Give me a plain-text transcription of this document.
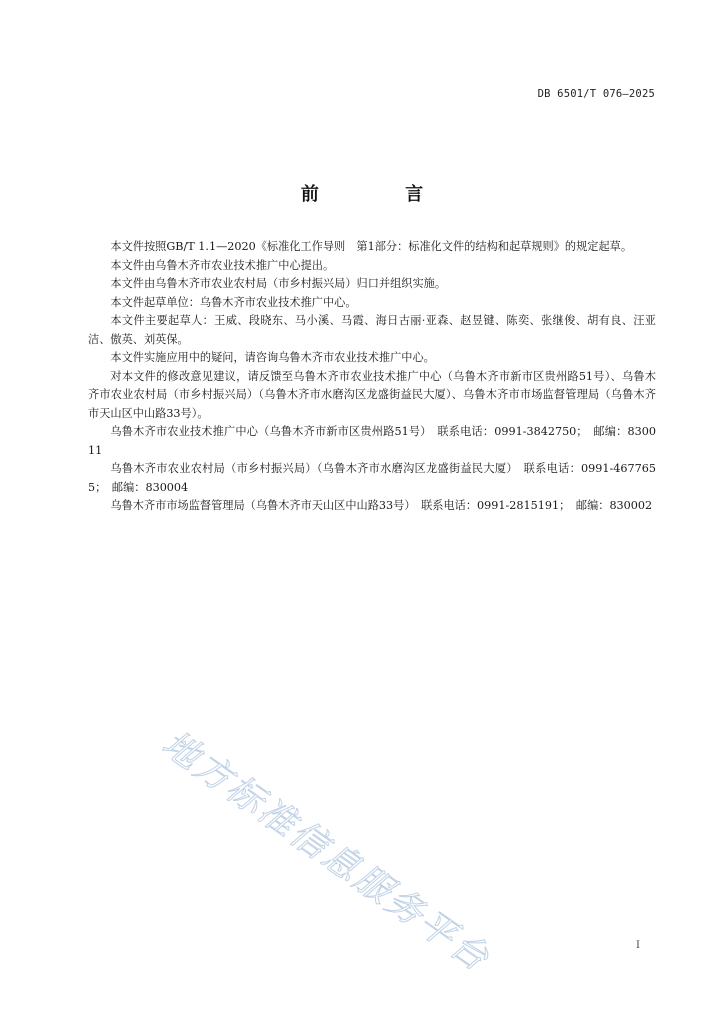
DB 6501/T 076—2025
前 言

本文件按照GB/T 1.1—2020《标准化工作导则　第1部分：标准化文件的结构和起草规则》的规定起草。

本文件由乌鲁木齐市农业技术推广中心提出。

本文件由乌鲁木齐市农业农村局（市乡村振兴局）归口并组织实施。

本文件起草单位：乌鲁木齐市农业技术推广中心。

本文件主要起草人：王威、段晓东、马小溪、马霞、海日古丽·亚森、赵昱键、陈奕、张继俊、胡有良、汪亚洁、傲英、刘英保。

本文件实施应用中的疑问，请咨询乌鲁木齐市农业技术推广中心。

对本文件的修改意见建议，请反馈至乌鲁木齐市农业技术推广中心（乌鲁木齐市新市区贵州路51号）、乌鲁木齐市农业农村局（市乡村振兴局）（乌鲁木齐市水磨沟区龙盛街益民大厦）、乌鲁木齐市市场监督管理局（乌鲁木齐市天山区中山路33号）。

乌鲁木齐市农业技术推广中心（乌鲁木齐市新市区贵州路51号）　联系电话：0991-3842750；　邮编：830011

乌鲁木齐市农业农村局（市乡村振兴局）（乌鲁木齐市水磨沟区龙盛街益民大厦）　联系电话：0991-4677655；　邮编：830004

乌鲁木齐市市场监督管理局（乌鲁木齐市天山区中山路33号）　联系电话：0991-2815191；　邮编：830002

地方标准信息服务平台	I
